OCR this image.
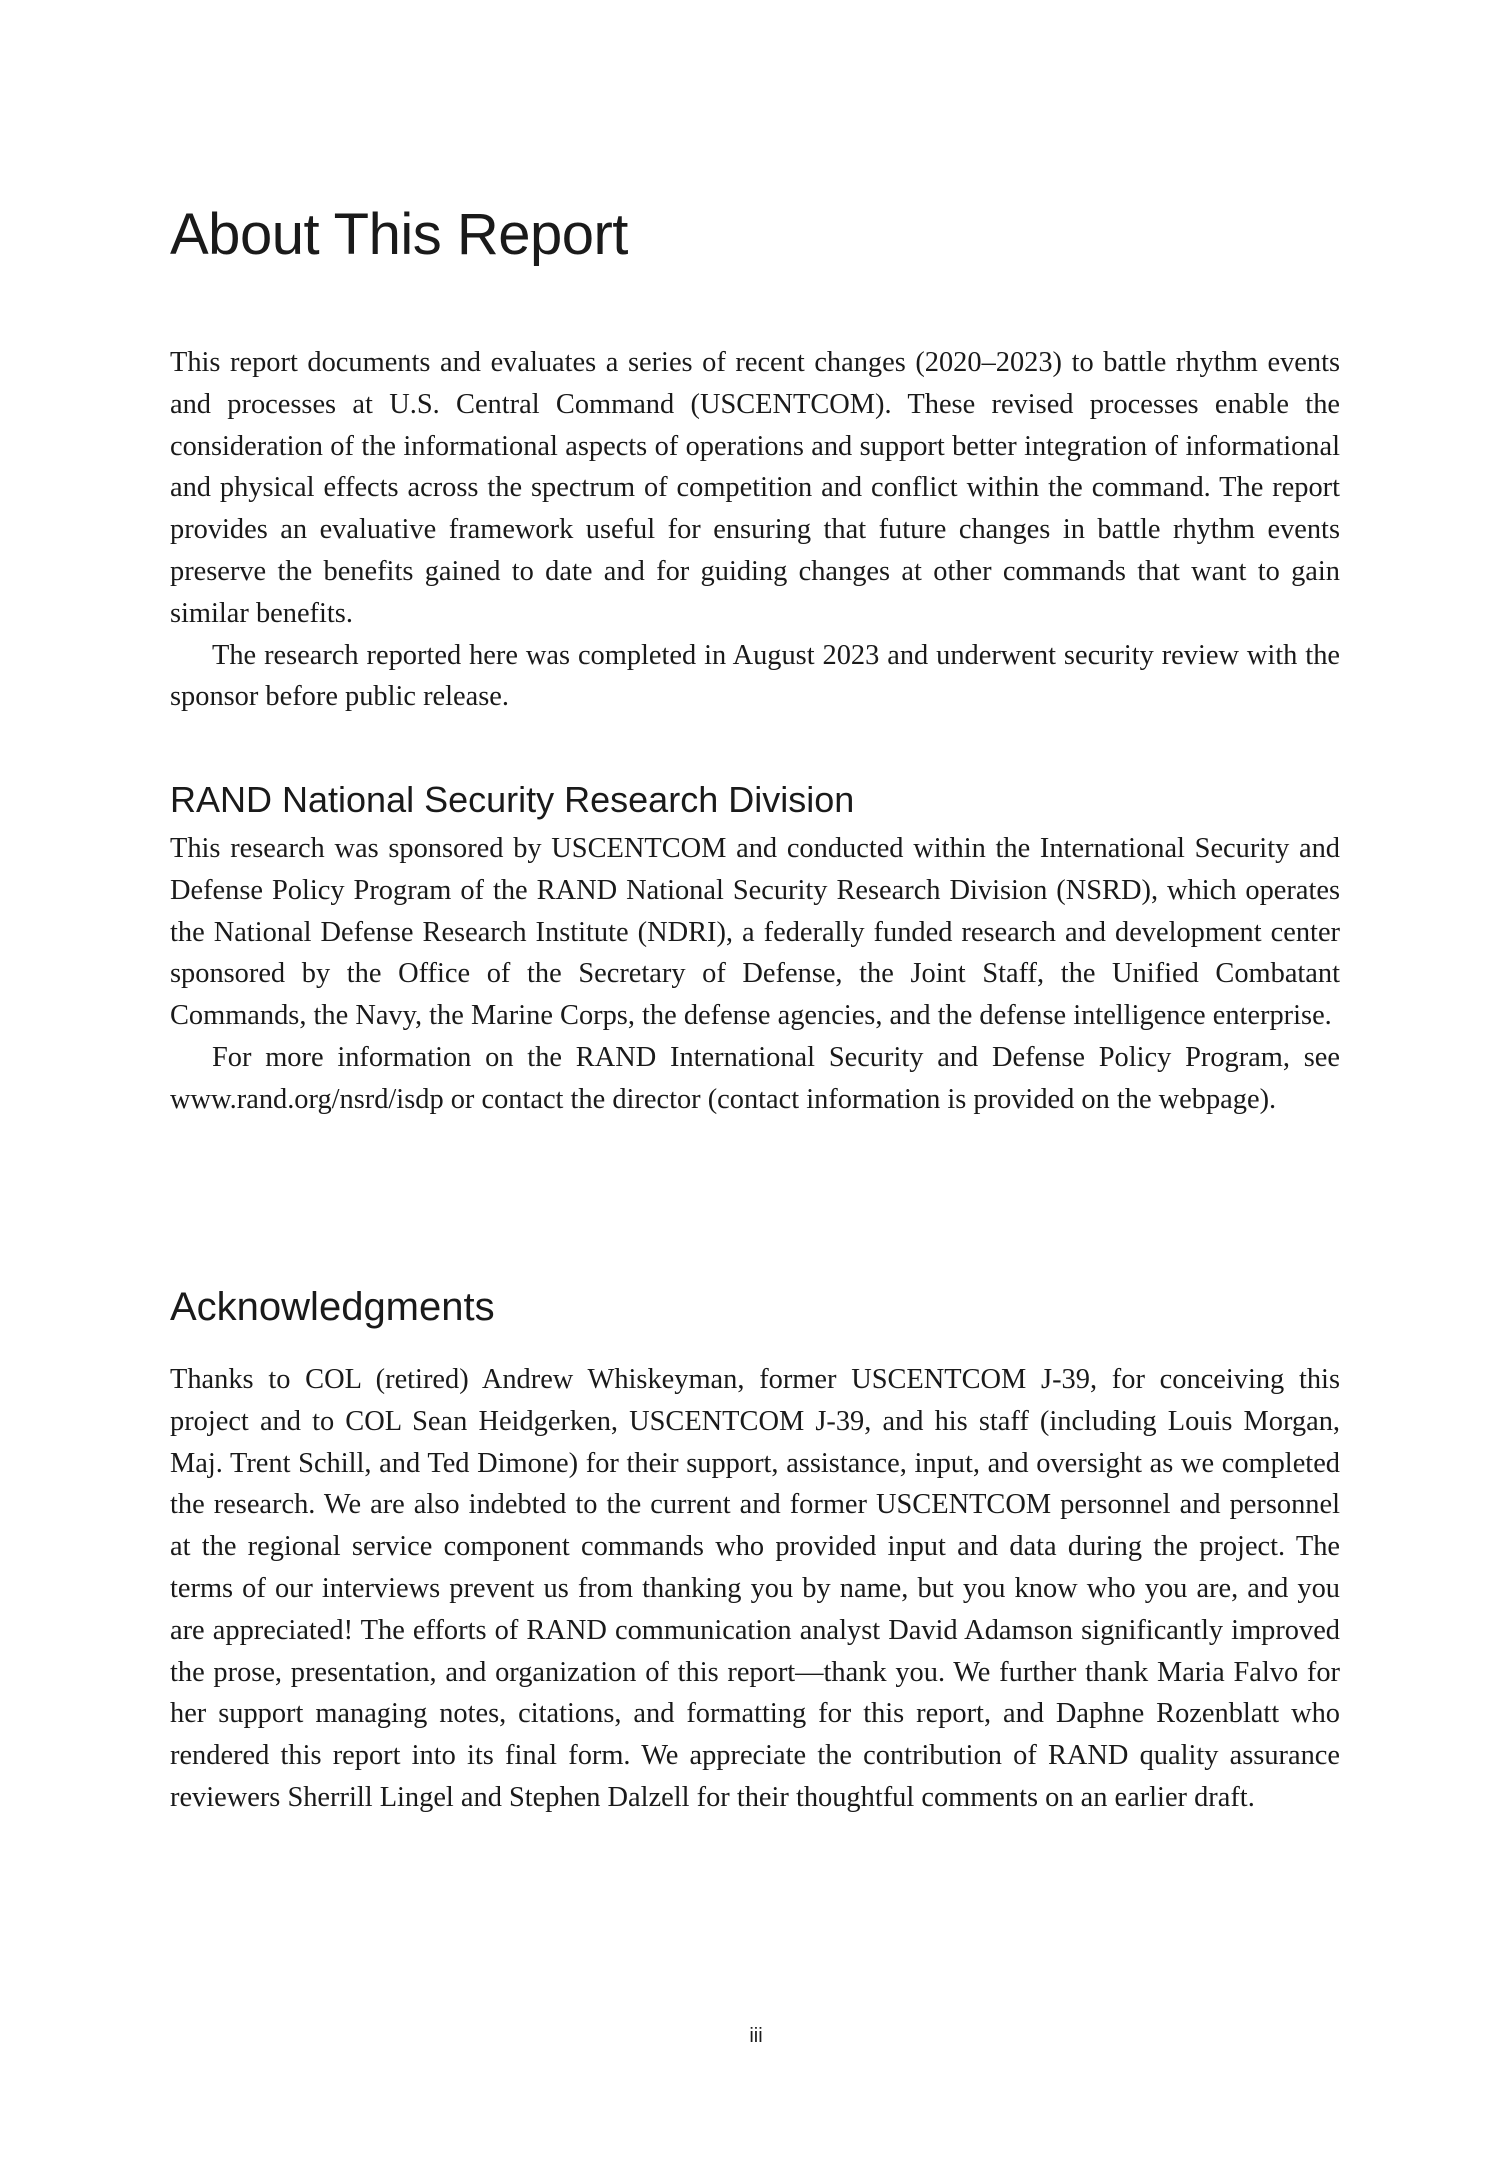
About This Report

This report documents and evaluates a series of recent changes (2020–2023) to battle rhythm events and processes at U.S. Central Command (USCENTCOM). These revised processes enable the consideration of the informational aspects of operations and support better integration of informational and physical effects across the spectrum of competition and conflict within the command. The report provides an evaluative framework useful for ensuring that future changes in battle rhythm events preserve the benefits gained to date and for guiding changes at other commands that want to gain similar benefits.

The research reported here was completed in August 2023 and underwent security review with the sponsor before public release.

RAND National Security Research Division

This research was sponsored by USCENTCOM and conducted within the International Security and Defense Policy Program of the RAND National Security Research Division (NSRD), which operates the National Defense Research Institute (NDRI), a federally funded research and development center sponsored by the Office of the Secretary of Defense, the Joint Staff, the Unified Combatant Commands, the Navy, the Marine Corps, the defense agencies, and the defense intelligence enterprise.

For more information on the RAND International Security and Defense Policy Program, see www.rand.org/nsrd/isdp or contact the director (contact information is provided on the webpage).

Acknowledgments

Thanks to COL (retired) Andrew Whiskeyman, former USCENTCOM J-39, for conceiving this project and to COL Sean Heidgerken, USCENTCOM J-39, and his staff (including Louis Morgan, Maj. Trent Schill, and Ted Dimone) for their support, assistance, input, and oversight as we completed the research. We are also indebted to the current and former USCENTCOM personnel and personnel at the regional service component commands who provided input and data during the project. The terms of our interviews prevent us from thanking you by name, but you know who you are, and you are appreciated! The efforts of RAND communication analyst David Adamson significantly improved the prose, presentation, and organization of this report—thank you. We further thank Maria Falvo for her support managing notes, citations, and formatting for this report, and Daphne Rozenblatt who rendered this report into its final form. We appreciate the contribution of RAND quality assurance reviewers Sherrill Lingel and Stephen Dalzell for their thoughtful comments on an earlier draft.

iii
